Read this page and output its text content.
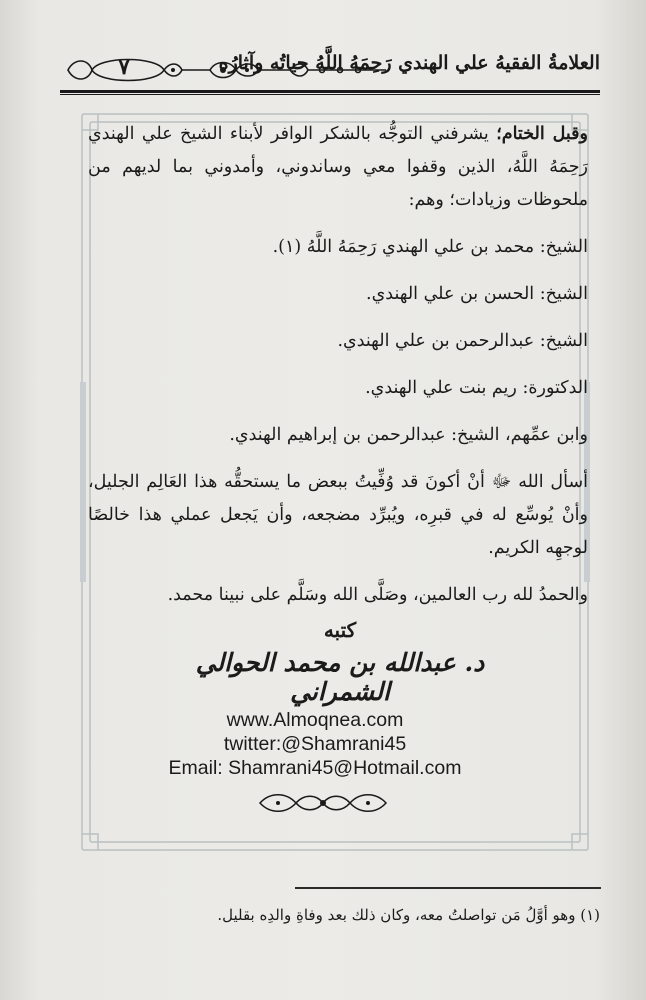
٧	العلامةُ الفقيهُ علي الهندي رَحِمَهُ اللَّهُ حياتُه وآثارُه

وقبل الختام؛ يشرفني التوجُّه بالشكر الوافر لأبناء الشيخ علي الهندي رَحِمَهُ اللَّهُ، الذين وقفوا معي وساندوني، وأمدوني بما لديهم من ملحوظات وزيادات؛ وهم:

الشيخ: محمد بن علي الهندي رَحِمَهُ اللَّهُ (١).

الشيخ: الحسن بن علي الهندي.

الشيخ: عبدالرحمن بن علي الهندي.

الدكتورة: ريم بنت علي الهندي.

وابن عمِّهم، الشيخ: عبدالرحمن بن إبراهيم الهندي.

أسأل الله ﷻ أنْ أكونَ قد وُفِّيتُ ببعض ما يستحقُّه هذا العَالِم الجليل، وأنْ يُوسِّع له في قبرِه، ويُبرِّد مضجعه، وأن يَجعل عملي هذا خالصًا لوجهِه الكريم.

والحمدُ لله رب العالمين، وصَلَّى الله وسَلَّم على نبينا محمد.

كتبه
د. عبدالله بن محمد الحوالي الشمراني
www.Almoqnea.com
twitter:@Shamrani45
Email: Shamrani45@Hotmail.com
(١) وهو أوَّلُ مَن تواصلتُ معه، وكان ذلك بعد وفاةِ والدِه بقليل.
